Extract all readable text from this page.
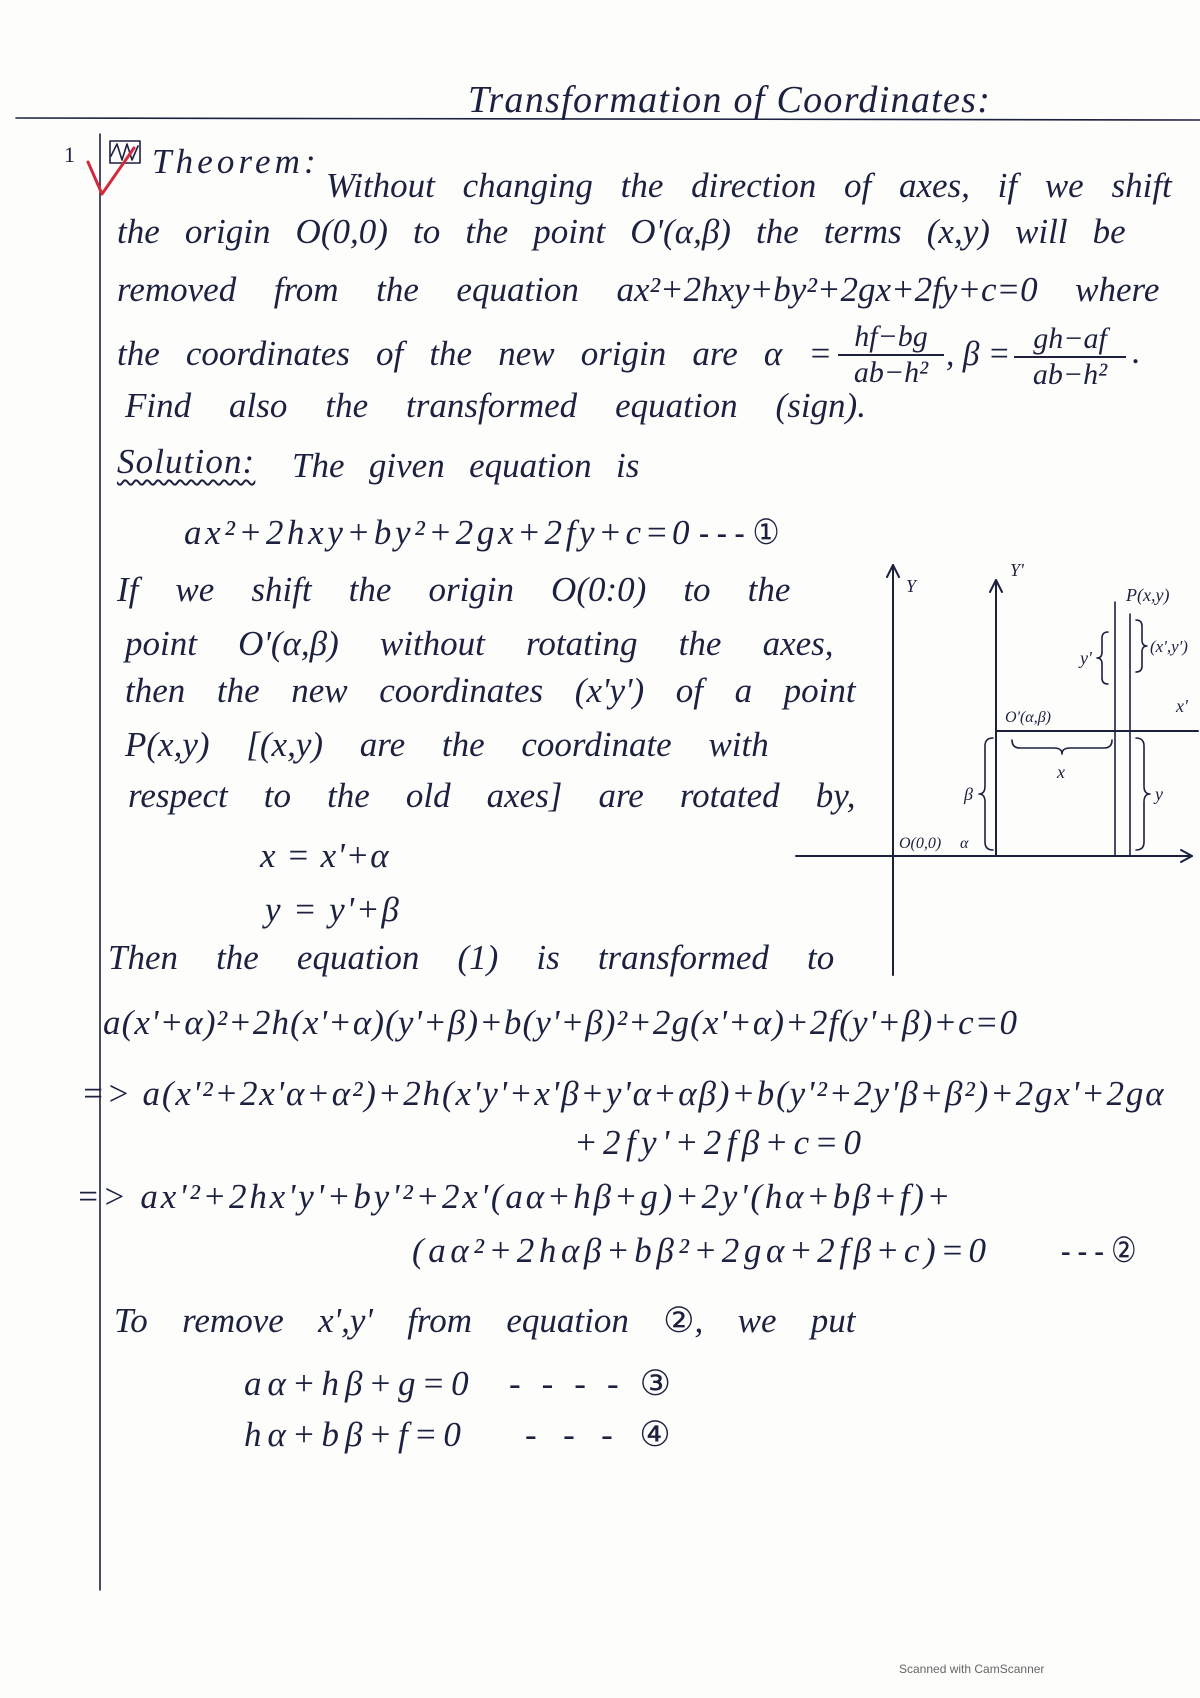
Y
Y'
P(x,y)
(x',y')
y'
O'(α,β)
x'
x
y
β
O(0,0) α
Transformation of Coordinates:
1 Theorem:
Without changing the direction of axes, if we shift
the origin O(0,0) to the point O'(α,β) the terms (x,y) will be
removed from the equation ax²+2hxy+by²+2gx+2fy+c=0 where
the coordinates of the new origin are $\alpha = \frac{hf-bg}{\text{ab−h²}}$ , $\beta = \frac{gh-af}{\text{ab−h²}}$ .
Find also the transformed equation (sign).
Solution: The given equation is
ax²+2hxy+by²+2gx+2fy+c=0 - - - ①
If we shift the origin O(0:0) to the
point O'(α,β) without rotating the axes,
then the new coordinates (x'y') of a point
P(x,y) [(x,y) are the coordinate with
respect to the old axes] are rotated by,
x = x'+α
y = y'+β
Then the equation (1) is transformed to
a(x'+α)²+2h(x'+α)(y'+β)+b(y'+β)²+2g(x'+α)+2f(y'+β)+c=0
=> a(x'²+2x'α+α²)+2h(x'y'+x'β+y'α+αβ)+b(y'²+2y'β+β²)+2gx'+2gα
+2fy'+2fβ+c=0
=> ax'²+2hx'y'+by'²+2x'(aα+hβ+g)+2y'(hα+bβ+f)+
(aα²+2hαβ+bβ²+2gα+2fβ+c)=0 - - - ②
To remove x',y' from equation ②, we put
aα+hβ+g=0 - - - - ③
hα+bβ+f=0	- - - ④
Scanned with CamScanner
